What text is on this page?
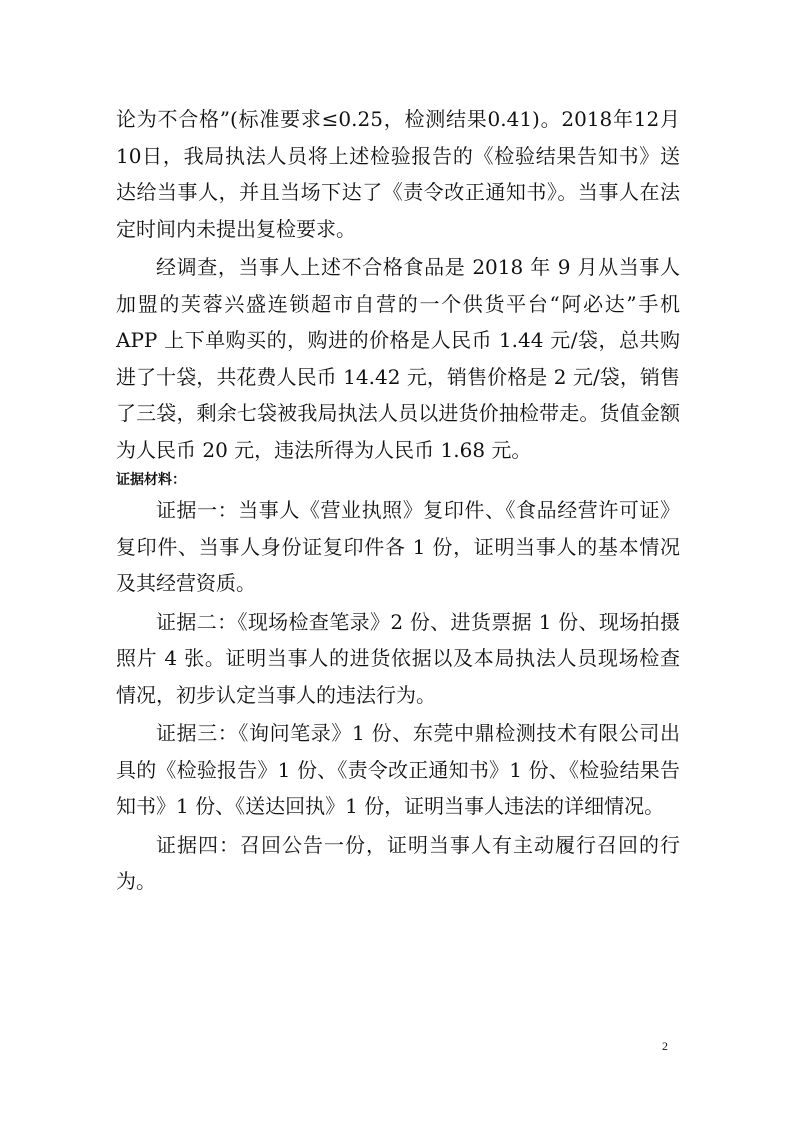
论为不合格”(标准要求≤0.25，检测结果0.41)。2018年12月10日，我局执法人员将上述检验报告的《检验结果告知书》送达给当事人，并且当场下达了《责令改正通知书》。当事人在法定时间内未提出复检要求。

经调查，当事人上述不合格食品是 2018 年 9 月从当事人加盟的芙蓉兴盛连锁超市自营的一个供货平台“阿必达”手机 APP 上下单购买的，购进的价格是人民币 1.44 元/袋，总共购进了十袋，共花费人民币 14.42 元，销售价格是 2 元/袋，销售了三袋，剩余七袋被我局执法人员以进货价抽检带走。货值金额为人民币 20 元，违法所得为人民币 1.68 元。

证据材料：

证据一：当事人《营业执照》复印件、《食品经营许可证》复印件、当事人身份证复印件各 1 份，证明当事人的基本情况及其经营资质。

证据二：《现场检查笔录》2 份、进货票据 1 份、现场拍摄照片 4 张。证明当事人的进货依据以及本局执法人员现场检查情况，初步认定当事人的违法行为。

证据三：《询问笔录》1 份、东莞中鼎检测技术有限公司出具的《检验报告》1 份、《责令改正通知书》1 份、《检验结果告知书》1 份、《送达回执》1 份，证明当事人违法的详细情况。

证据四：召回公告一份，证明当事人有主动履行召回的行为。

2
